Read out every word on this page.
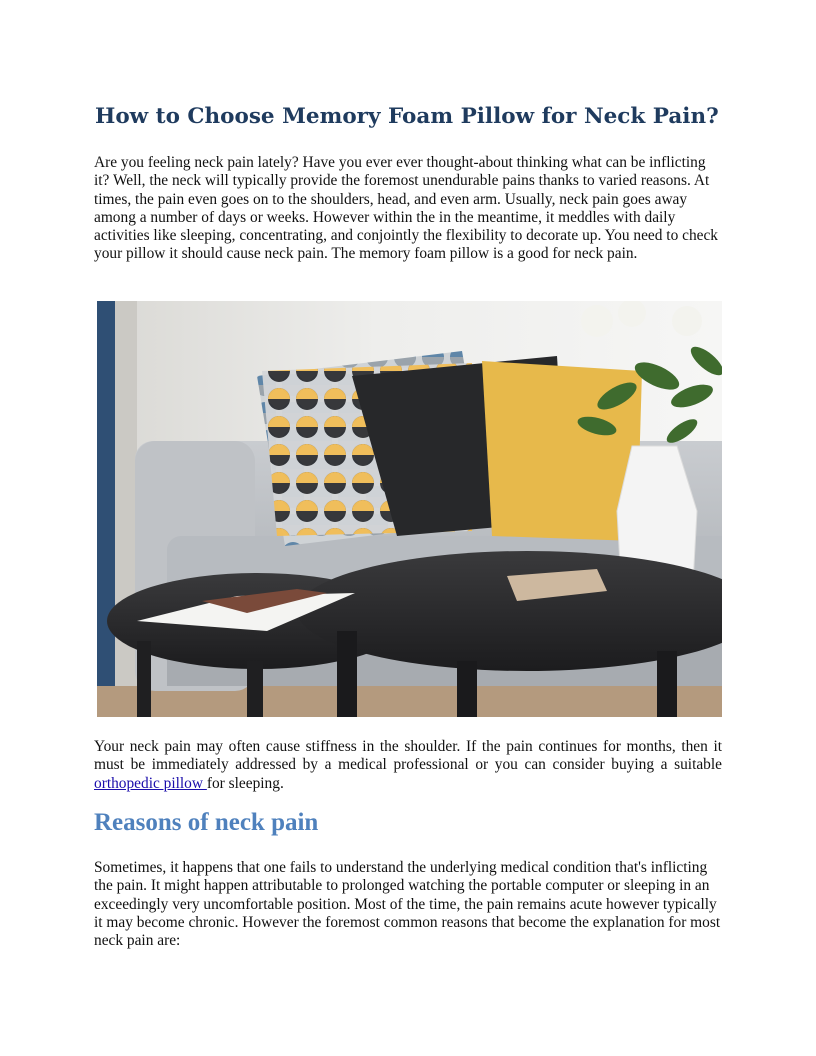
How to Choose Memory Foam Pillow for Neck Pain?

Are you feeling neck pain lately? Have you ever ever thought-about thinking what can be inflicting it? Well, the neck will typically provide the foremost unendurable pains thanks to varied reasons. At times, the pain even goes on to the shoulders, head, and even arm. Usually, neck pain goes away among a number of days or weeks. However within the in the meantime, it meddles with daily activities like sleeping, concentrating, and conjointly the flexibility to decorate up. You need to check your pillow it should cause neck pain. The memory foam pillow is a good for neck pain.

Your neck pain may often cause stiffness in the shoulder. If the pain continues for months, then it must be immediately addressed by a medical professional or you can consider buying a suitable orthopedic pillow for sleeping.

Reasons of neck pain

Sometimes, it happens that one fails to understand the underlying medical condition that's inflicting the pain. It might happen attributable to prolonged watching the portable computer or sleeping in an exceedingly very uncomfortable position. Most of the time, the pain remains acute however typically it may become chronic. However the foremost common reasons that become the explanation for most neck pain are:
